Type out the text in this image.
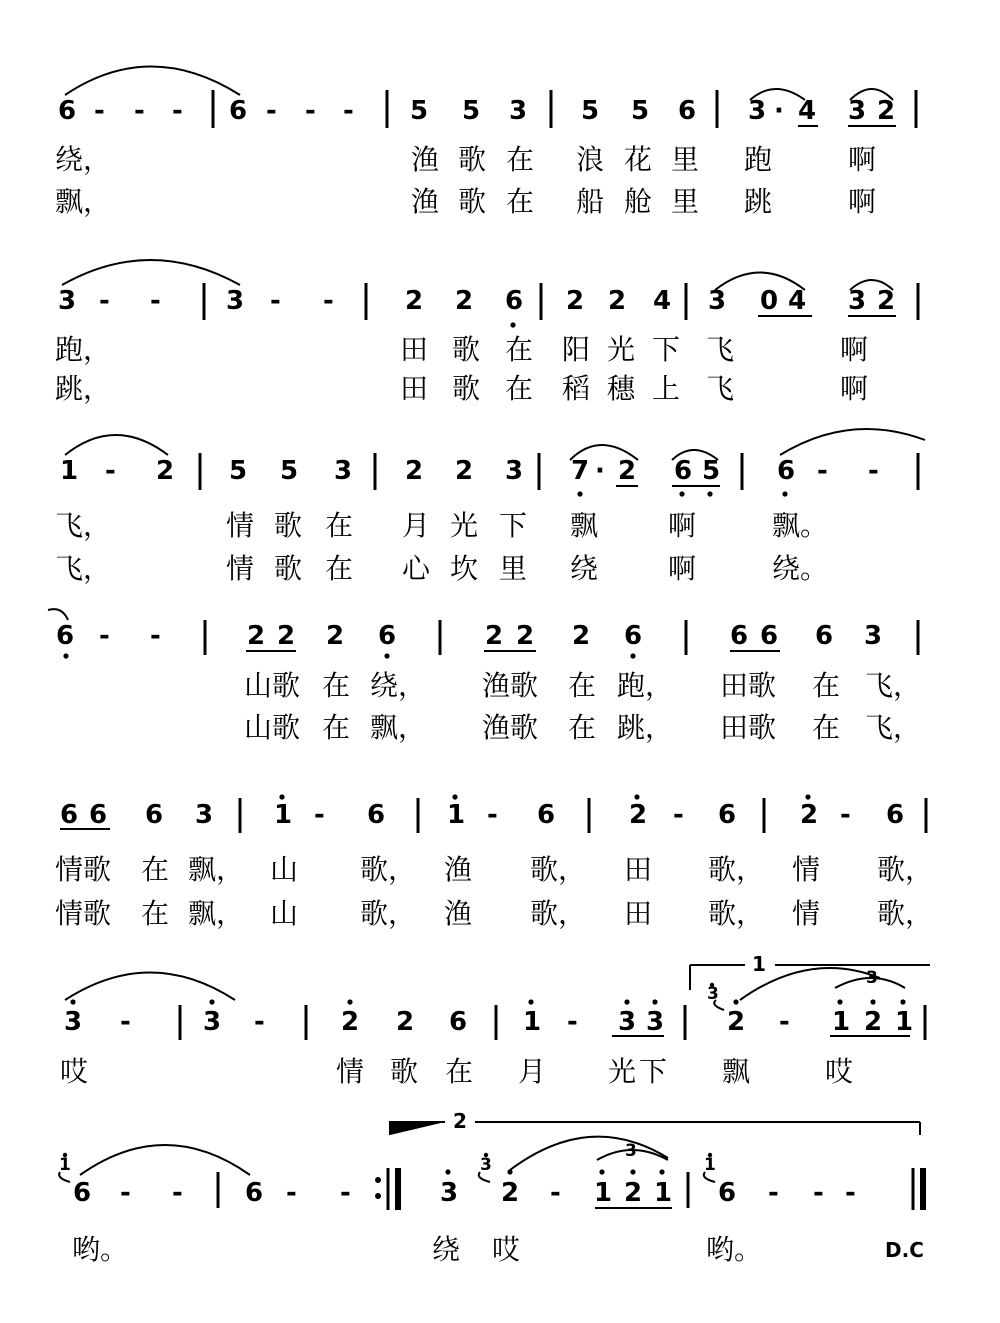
6 - - - 6 - - - 5 5 3 5 5 6 3 · 4 3 2
绕，	渔 歌 在 浪 花 里 跑	啊
飘，	渔 歌 在 船 舱 里 跳	啊
3 - -	3 - -	2 2 6 2 2 4 3 0 4 3 2
跑，	田 歌 在 阳 光 下 飞	啊
跳，	田 歌 在 稻 穗 上 飞	啊
1 - 2 5 5 3 2 2 3 7 · 2 6 5 6 - -
飞，	情 歌 在 月 光 下 飘 啊	飘。
飞，	情 歌 在 心 坎 里 绕 啊	绕。
6 - -	2 2 2 6	2 2 2 6	6 6 6 3
山歌 在 绕， 渔歌 在 跑， 田歌 在 飞，
山歌 在 飘， 渔歌 在 跳， 田歌 在 飞，
6 6 6 3 1 - 6 1 - 6	2 - 6 2 - 6
情歌 在 飘， 山 歌， 渔 歌， 田 歌， 情 歌，
情歌 在 飘， 山 歌， 渔 歌， 田 歌， 情 歌，
3 -	3 -	2 2 6 1 - 3 3
3
2 - 1 2 1
1
3
哎	情 歌 在 月 光 下 飘	哎
1
6 - - 6 - -	3
3
2 - 1 2 1
1
6 - - -
2
3
哟。	绕 哎	哟。	D.C
